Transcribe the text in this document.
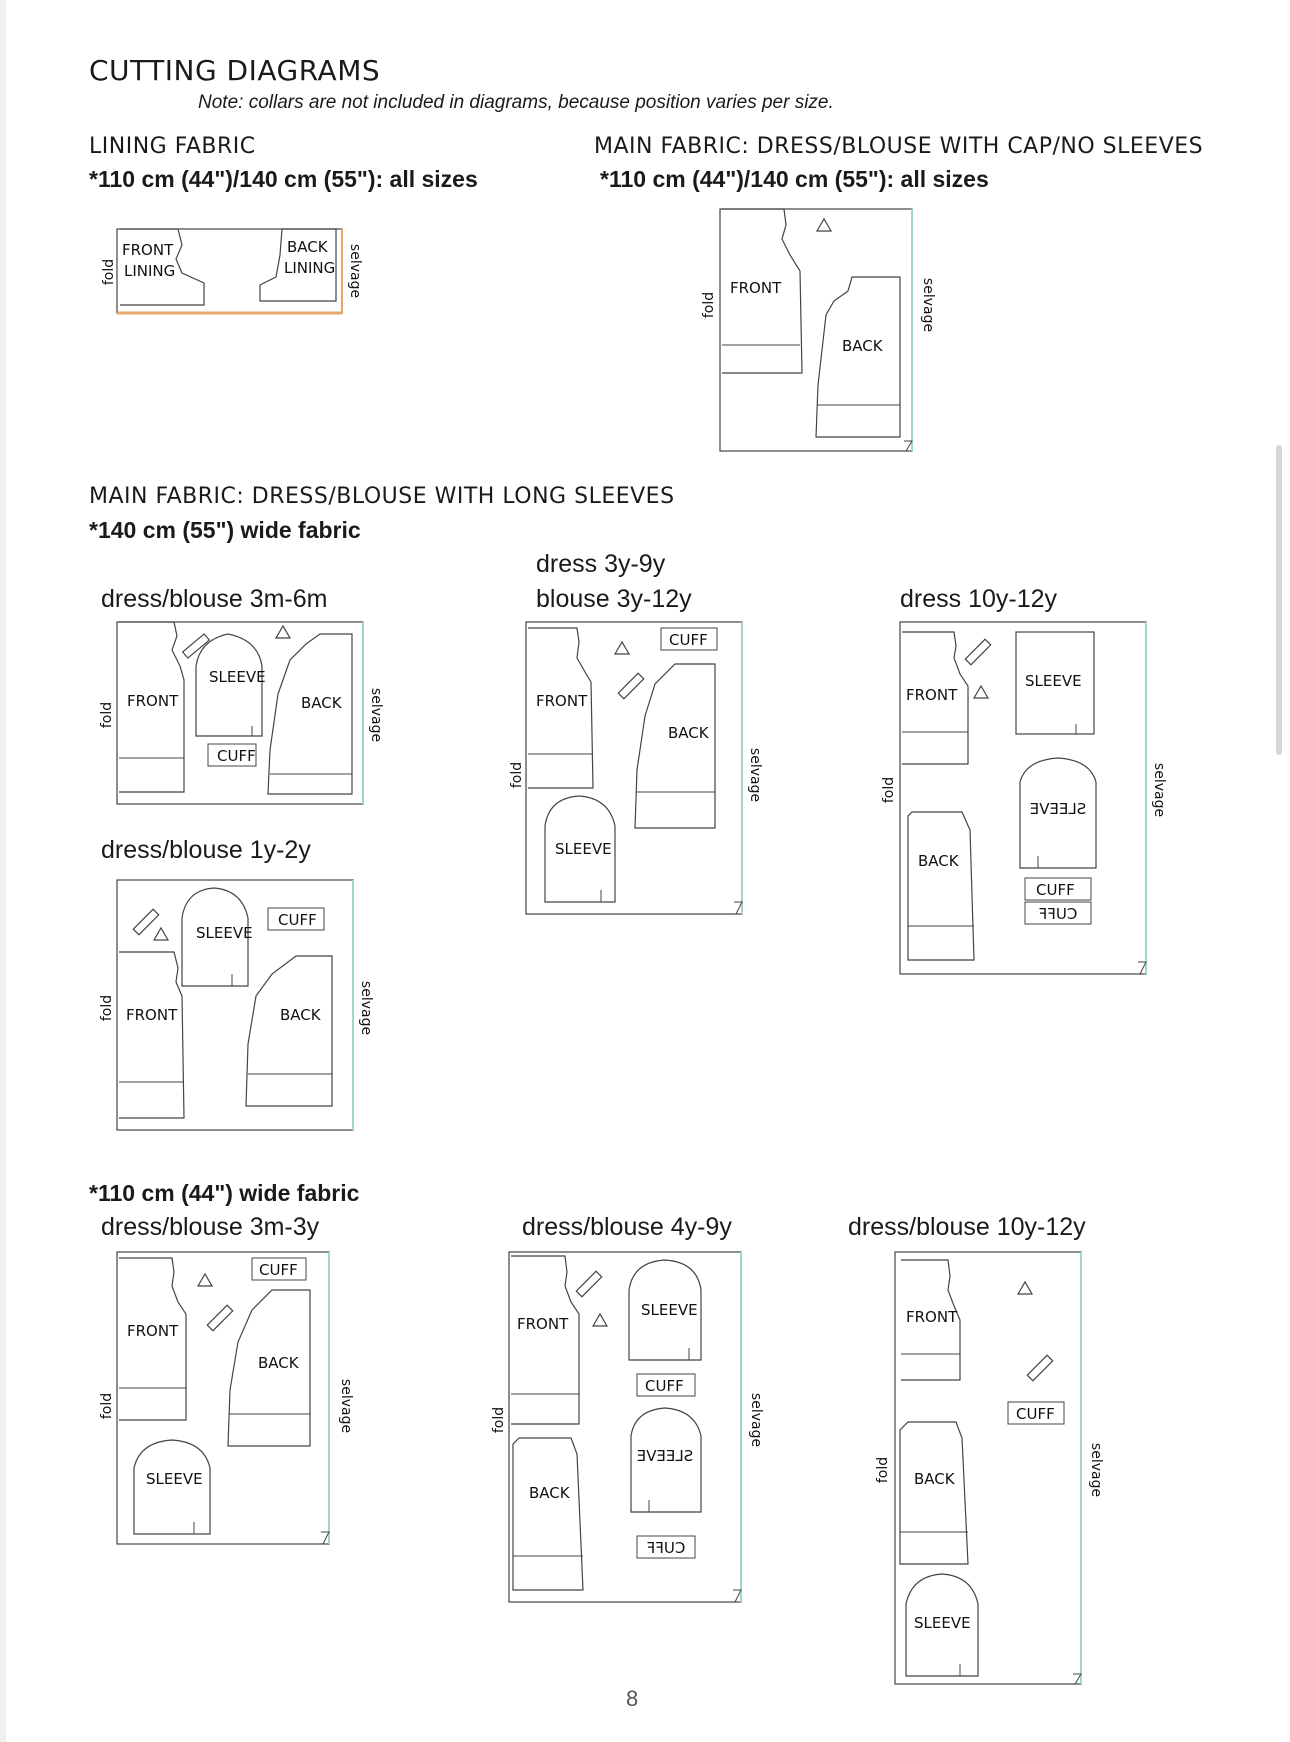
CUTTING DIAGRAMS
Note: collars are not included in diagrams, because position varies per size.
LINING FABRIC
*110 cm (44")/140 cm (55"): all sizes
MAIN FABRIC: DRESS/BLOUSE WITH CAP/NO SLEEVES
*110 cm (44")/140 cm (55"): all sizes
MAIN FABRIC: DRESS/BLOUSE WITH LONG SLEEVES
*140 cm (55") wide fabric
*110 cm (44") wide fabric
dress/blouse 3m-6m
dress 3y-9y
blouse 3y-12y	dress 10y-12y
dress/blouse 1y-2y
dress/blouse 3m-3y	dress/blouse 4y-9y	dress/blouse 10y-12y
fold	selvage
FRONT
LINING
BACK
LINING
fold	selvage
FRONT
BACK
fold	selvage
FRONT
SLEEVE
BACK
CUFF
fold	selvage
FRONT
CUFF
BACK
SLEEVE
fold	selvage
FRONT
SLEEVE
SLEEVE
BACK
CUFF
CUFF
fold	selvage
SLEEVE
CUFF
FRONT	BACK
fold	selvage
CUFF
FRONT
BACK
SLEEVE
fold	selvage
FRONT
SLEEVE
CUFF
SLEEVE
BACK
CUFF
fold	selvage
FRONT
CUFF
BACK
SLEEVE
8
